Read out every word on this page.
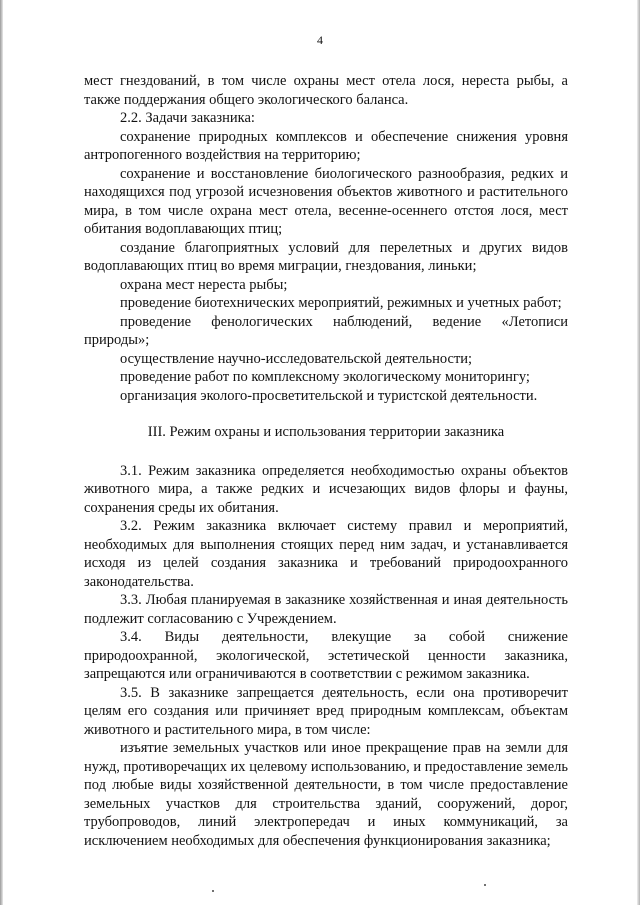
4

мест гнездований, в том числе охраны мест отела лося, нереста рыбы, а также поддержания общего экологического баланса.

2.2. Задачи заказника:

сохранение природных комплексов и обеспечение снижения уровня антропогенного воздействия на территорию;

сохранение и восстановление биологического разнообразия, редких и находящихся под угрозой исчезновения объектов животного и растительного мира, в том числе охрана мест отела, весенне-осеннего отстоя лося, мест обитания водоплавающих птиц;

создание благоприятных условий для перелетных и других видов водоплавающих птиц во время миграции, гнездования, линьки;

охрана мест нереста рыбы;

проведение биотехнических мероприятий, режимных и учетных работ;

проведение фенологических наблюдений, ведение «Летописи природы»;

осуществление научно-исследовательской деятельности;

проведение работ по комплексному экологическому мониторингу;

организация эколого-просветительской и туристской деятельности.

III. Режим охраны и использования территории заказника

3.1. Режим заказника определяется необходимостью охраны объектов животного мира, а также редких и исчезающих видов флоры и фауны, сохранения среды их обитания.

3.2. Режим заказника включает систему правил и мероприятий, необходимых для выполнения стоящих перед ним задач, и устанавливается исходя из целей создания заказника и требований природоохранного законодательства.

3.3. Любая планируемая в заказнике хозяйственная и иная деятельность подлежит согласованию с Учреждением.

3.4. Виды деятельности, влекущие за собой снижение природоохранной, экологической, эстетической ценности заказника, запрещаются или ограничиваются в соответствии с режимом заказника.

3.5. В заказнике запрещается деятельность, если она противоречит целям его создания или причиняет вред природным комплексам, объектам животного и растительного мира, в том числе:

изъятие земельных участков или иное прекращение прав на земли для нужд, противоречащих их целевому использованию, и предоставление земель под любые виды хозяйственной деятельности, в том числе предоставление земельных участков для строительства зданий, сооружений, дорог, трубопроводов, линий электропередач и иных коммуникаций, за исключением необходимых для обеспечения функционирования заказника;
